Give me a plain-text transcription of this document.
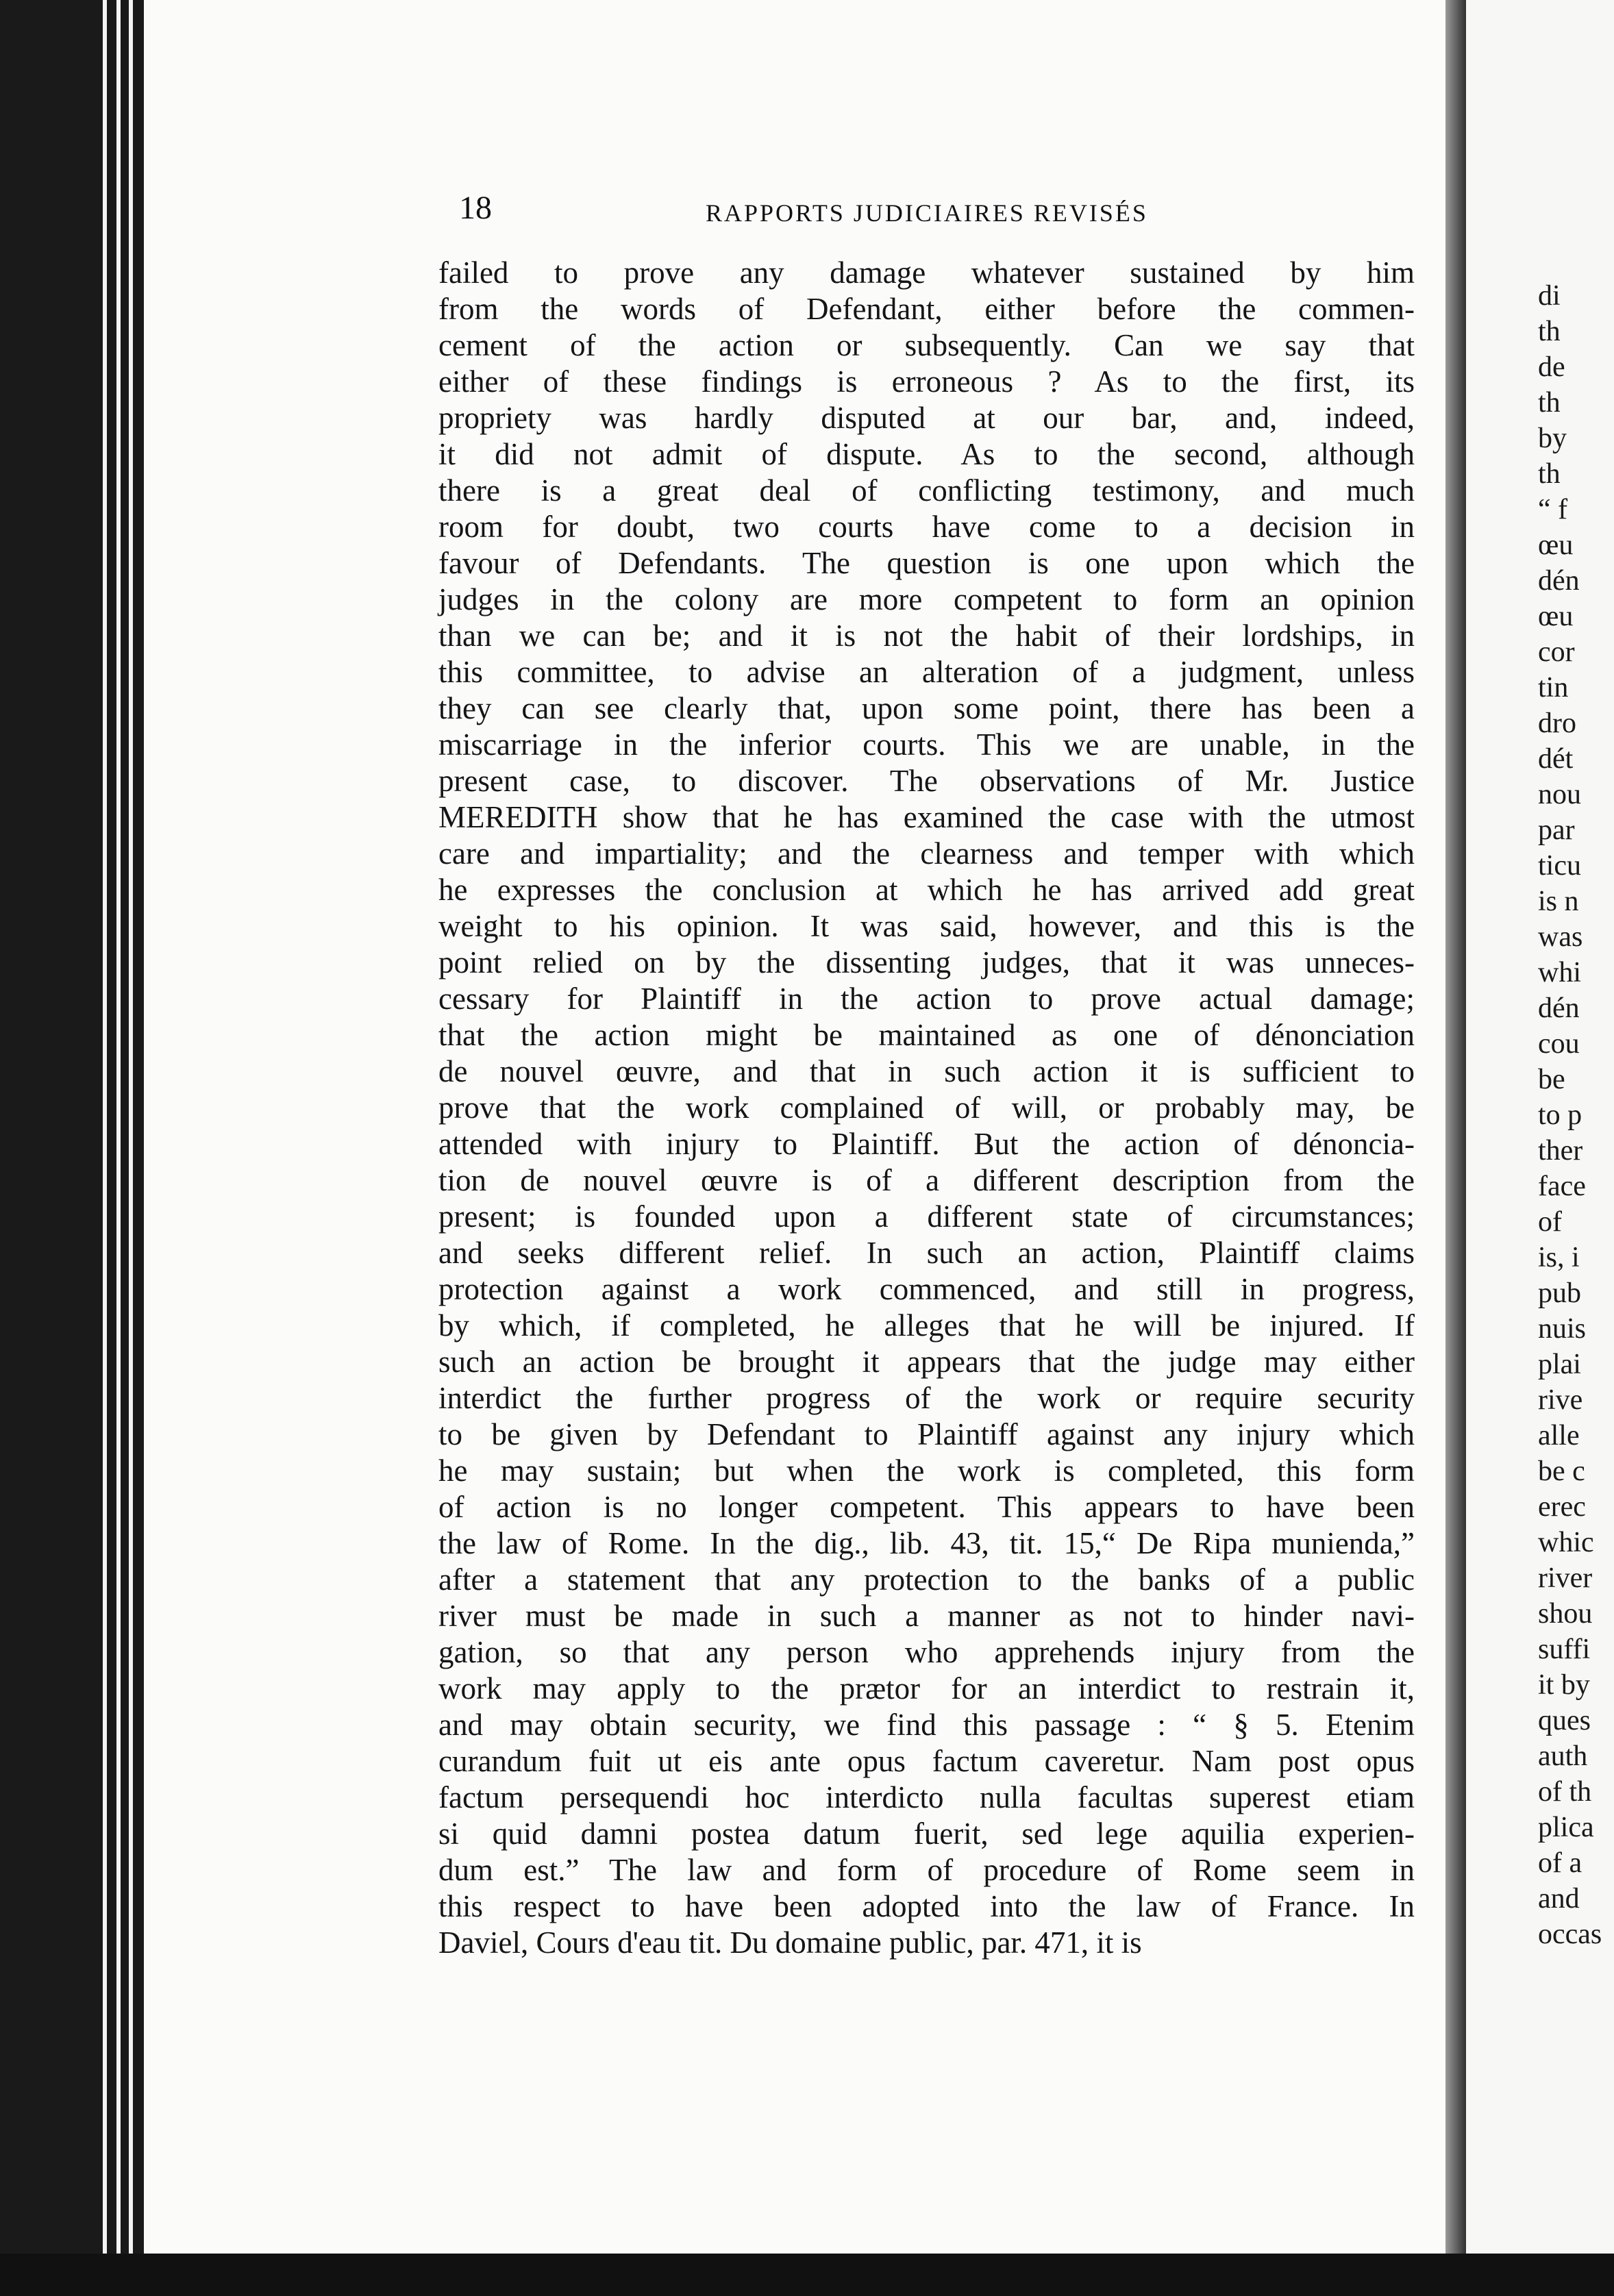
18	RAPPORTS JUDICIAIRES REVISÉS
failed to prove any damage whatever sustained by him
from the words of Defendant, either before the commen-
cement of the action or subsequently. Can we say that
either of these findings is erroneous ? As to the first, its
propriety was hardly disputed at our bar, and, indeed,
it did not admit of dispute. As to the second, although
there is a great deal of conflicting testimony, and much
room for doubt, two courts have come to a decision in
favour of Defendants. The question is one upon which the
judges in the colony are more competent to form an opinion
than we can be; and it is not the habit of their lordships, in
this committee, to advise an alteration of a judgment, unless
they can see clearly that, upon some point, there has been a
miscarriage in the inferior courts. This we are unable, in the
present case, to discover. The observations of Mr. Justice
MEREDITH show that he has examined the case with the utmost
care and impartiality; and the clearness and temper with which
he expresses the conclusion at which he has arrived add great
weight to his opinion. It was said, however, and this is the
point relied on by the dissenting judges, that it was unneces-
cessary for Plaintiff in the action to prove actual damage;
that the action might be maintained as one of dénonciation
de nouvel œuvre, and that in such action it is sufficient to
prove that the work complained of will, or probably may, be
attended with injury to Plaintiff. But the action of dénoncia-
tion de nouvel œuvre is of a different description from the
present; is founded upon a different state of circumstances;
and seeks different relief. In such an action, Plaintiff claims
protection against a work commenced, and still in progress,
by which, if completed, he alleges that he will be injured. If
such an action be brought it appears that the judge may either
interdict the further progress of the work or require security
to be given by Defendant to Plaintiff against any injury which
he may sustain; but when the work is completed, this form
of action is no longer competent. This appears to have been
the law of Rome. In the dig., lib. 43, tit. 15,“ De Ripa munienda,”
after a statement that any protection to the banks of a public
river must be made in such a manner as not to hinder navi-
gation, so that any person who apprehends injury from the
work may apply to the prætor for an interdict to restrain it,
and may obtain security, we find this passage : “ § 5. Etenim
curandum fuit ut eis ante opus factum caveretur. Nam post opus
factum persequendi hoc interdicto nulla facultas superest etiam
si quid damni postea datum fuerit, sed lege aquilia experien-
dum est.” The law and form of procedure of Rome seem in
this respect to have been adopted into the law of France. In
Daviel, Cours d'eau tit. Du domaine public, par. 471, it is
di
th
de
th
by
th
“ f
œu
dén
œu
cor
tin
dro
dét
nou
par
ticu
is n
was
whi
dén
cou
be
to p
ther
face
of
is, i
pub
nuis
plai
rive
alle
be c
erec
whic
river
shou
suffi
it by
ques
auth
of th
plica
of a
and
occas
